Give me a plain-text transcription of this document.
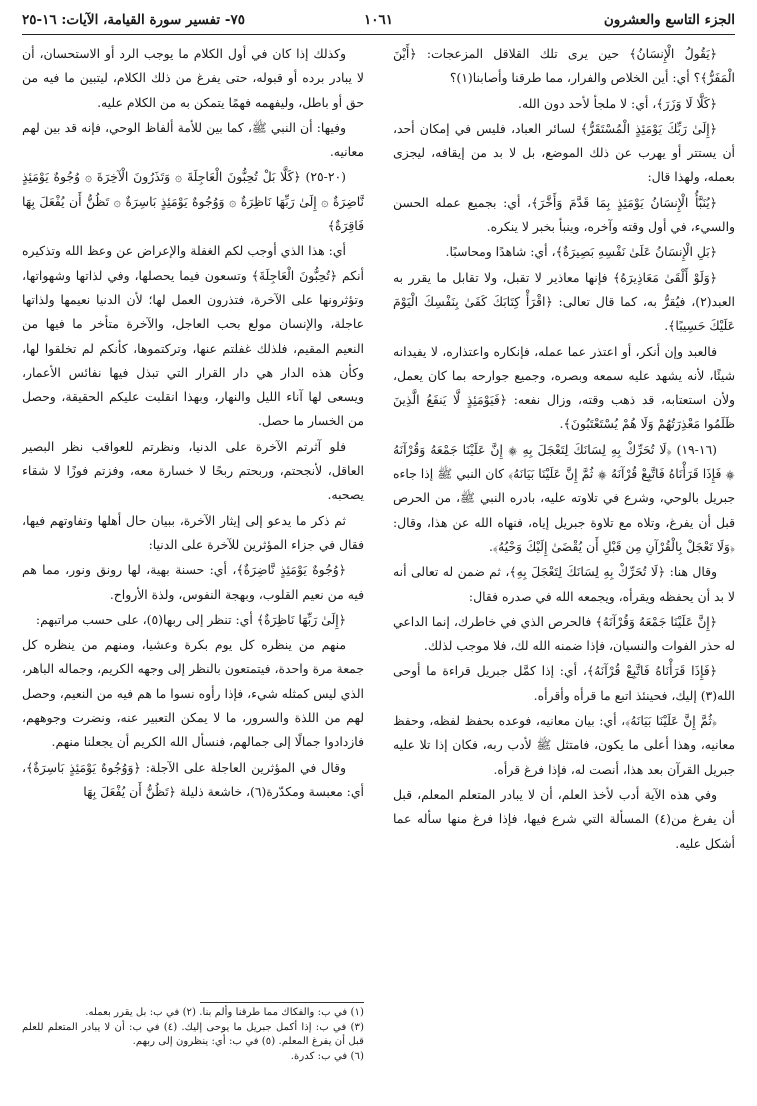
الجزء التاسع والعشرون
١٠٦١
٧٥- تفسير سورة القيامة، الآيات: ١٦-٢٥

﴿يَقُولُ الْإِنسَانُ﴾ حين يرى تلك القلاقل المزعجات: ﴿أَيْنَ الْمَفَرُّ﴾؟ أي: أين الخلاص والفرار، مما طرقنا وأصابنا(١)؟

﴿كَلَّا لَا وَزَرَ﴾، أي: لا ملجأ لأحد دون الله.

﴿إِلَىٰ رَبِّكَ يَوْمَئِذٍ الْمُسْتَقَرُّ﴾ لسائر العباد، فليس في إمكان أحد، أن يستتر أو يهرب عن ذلك الموضع، بل لا بد من إيقافه، ليجزى بعمله، ولهذا قال:

﴿يُنَبَّأُ الْإِنسَانُ يَوْمَئِذٍ بِمَا قَدَّمَ وَأَخَّرَ﴾، أي: بجميع عمله الحسن والسيء، في أول وقته وآخره، وينبأ بخبر لا ينكره.

﴿بَلِ الْإِنسَانُ عَلَىٰ نَفْسِهِ بَصِيرَةٌ﴾، أي: شاهدًا ومحاسبًا.

﴿وَلَوْ أَلْقَىٰ مَعَاذِيرَهُ﴾ فإنها معاذير لا تقبل، ولا تقابل ما يقرر به العبد(٢)، فيُقرُّ به، كما قال تعالى: ﴿اقْرَأْ كِتَابَكَ كَفَىٰ بِنَفْسِكَ الْيَوْمَ عَلَيْكَ حَسِيبًا﴾.

فالعبد وإن أنكر، أو اعتذر عما عمله، فإنكاره واعتذاره، لا يفيدانه شيئًا، لأنه يشهد عليه سمعه وبصره، وجميع جوارحه بما كان يعمل، ولأن استعتابه، قد ذهب وقته، وزال نفعه: ﴿فَيَوْمَئِذٍ لَّا يَنفَعُ الَّذِينَ ظَلَمُوا مَعْذِرَتُهُمْ وَلَا هُمْ يُسْتَعْتَبُونَ﴾.

(١٦-١٩) ﴿لَا تُحَرِّكْ بِهِ لِسَانَكَ لِتَعْجَلَ بِهِ ۞ إِنَّ عَلَيْنَا جَمْعَهُ وَقُرْآنَهُ ۞ فَإِذَا قَرَأْنَاهُ فَاتَّبِعْ قُرْآنَهُ ۞ ثُمَّ إِنَّ عَلَيْنَا بَيَانَهُ﴾ كان النبي ﷺ إذا جاءه جبريل بالوحي، وشرع في تلاوته عليه، بادره النبي ﷺ، من الحرص قبل أن يفرغ، وتلاه مع تلاوة جبريل إياه، فنهاه الله عن هذا، وقال: ﴿وَلَا تَعْجَلْ بِالْقُرْآنِ مِن قَبْلِ أَن يُقْضَىٰ إِلَيْكَ وَحْيُهُ﴾.

وقال هنا: ﴿لَا تُحَرِّكْ بِهِ لِسَانَكَ لِتَعْجَلَ بِهِ﴾، ثم ضمن له تعالى أنه لا بد أن يحفظه ويقرأه، ويجمعه الله في صدره فقال:

﴿إِنَّ عَلَيْنَا جَمْعَهُ وَقُرْآنَهُ﴾ فالحرص الذي في خاطرك، إنما الداعي له حذر الفوات والنسيان، فإذا ضمنه الله لك، فلا موجب لذلك.

﴿فَإِذَا قَرَأْنَاهُ فَاتَّبِعْ قُرْآنَهُ﴾، أي: إذا كمَّل جبريل قراءة ما أوحى الله(٣) إليك، فحينئذ اتبع ما قرأه وأقرأه.

﴿ثُمَّ إِنَّ عَلَيْنَا بَيَانَهُ﴾، أي: بيان معانيه، فوعده بحفظ لفظه، وحفظ معانيه، وهذا أعلى ما يكون، فامتثل ﷺ لأدب ربه، فكان إذا تلا عليه جبريل القرآن بعد هذا، أنصت له، فإذا فرغ قرأه.

وفي هذه الآية أدب لأخذ العلم، أن لا يبادر المتعلم المعلم، قبل أن يفرغ من(٤) المسألة التي شرع فيها، فإذا فرغ منها سأله عما أشكل عليه.

وكذلك إذا كان في أول الكلام ما يوجب الرد أو الاستحسان، أن لا يبادر برده أو قبوله، حتى يفرغ من ذلك الكلام، ليتبين ما فيه من حق أو باطل، وليفهمه فهمًا يتمكن به من الكلام عليه.

وفيها: أن النبي ﷺ، كما بين للأمة ألفاظ الوحي، فإنه قد بين لهم معانيه.

(٢٠-٢٥) ﴿كَلَّا بَلْ تُحِبُّونَ الْعَاجِلَةَ ۞ وَتَذَرُونَ الْآخِرَةَ ۞ وُجُوهٌ يَوْمَئِذٍ نَّاضِرَةٌ ۞ إِلَىٰ رَبِّهَا نَاظِرَةٌ ۞ وَوُجُوهٌ يَوْمَئِذٍ بَاسِرَةٌ ۞ تَظُنُّ أَن يُفْعَلَ بِهَا فَاقِرَةٌ﴾

أي: هذا الذي أوجب لكم الغفلة والإعراض عن وعظ الله وتذكيره أنكم ﴿تُحِبُّونَ الْعَاجِلَةَ﴾ وتسعون فيما يحصلها، وفي لذاتها وشهواتها، وتؤثرونها على الآخرة، فتذرون العمل لها؛ لأن الدنيا نعيمها ولذاتها عاجلة، والإنسان مولع بحب العاجل، والآخرة متأخر ما فيها من النعيم المقيم، فلذلك غفلتم عنها، وتركتموها، كأنكم لم تخلقوا لها، وكأن هذه الدار هي دار القرار التي تبذل فيها نفائس الأعمار، ويسعى لها آناء الليل والنهار، وبهذا انقلبت عليكم الحقيقة، وحصل من الخسار ما حصل.

فلو آثرتم الآخرة على الدنيا، ونظرتم للعواقب نظر البصير العاقل، لأنجحتم، وربحتم ربحًا لا خسارة معه، وفزتم فوزًا لا شقاء يصحبه.

ثم ذكر ما يدعو إلى إيثار الآخرة، ببيان حال أهلها وتفاوتهم فيها، فقال في جزاء المؤثرين للآخرة على الدنيا:

﴿وُجُوهٌ يَوْمَئِذٍ نَّاضِرَةٌ﴾، أي: حسنة بهية، لها رونق ونور، مما هم فيه من نعيم القلوب، وبهجة النفوس، ولذة الأرواح.

﴿إِلَىٰ رَبِّهَا نَاظِرَةٌ﴾ أي: تنظر إلى ربها(٥)، على حسب مراتبهم:

منهم من ينظره كل يوم بكرة وعشيا، ومنهم من ينظره كل جمعة مرة واحدة، فيتمتعون بالنظر إلى وجهه الكريم، وجماله الباهر، الذي ليس كمثله شيء، فإذا رأوه نسوا ما هم فيه من النعيم، وحصل لهم من اللذة والسرور، ما لا يمكن التعبير عنه، ونضرت وجوههم، فازدادوا جمالًا إلى جمالهم، فنسأل الله الكريم أن يجعلنا منهم.

وقال في المؤثرين العاجلة على الآجلة: ﴿وَوُجُوهٌ يَوْمَئِذٍ بَاسِرَةٌ﴾، أي: معبسة ومكدّرة(٦)، خاشعة ذليلة ﴿تَظُنُّ أَن يُفْعَلَ بِهَا

(١) في ب: والفكاك مما طرقنا وألم بنا. (٢) في ب: بل يقرر بعمله.
(٣) في ب: إذا أكمل جبريل ما يوحى إليك. (٤) في ب: أن لا يبادر المتعلم للعلم قبل أن يفرغ المعلم. (٥) في ب: أي: ينظرون إلى ربهم.
(٦) في ب: كدرة.
